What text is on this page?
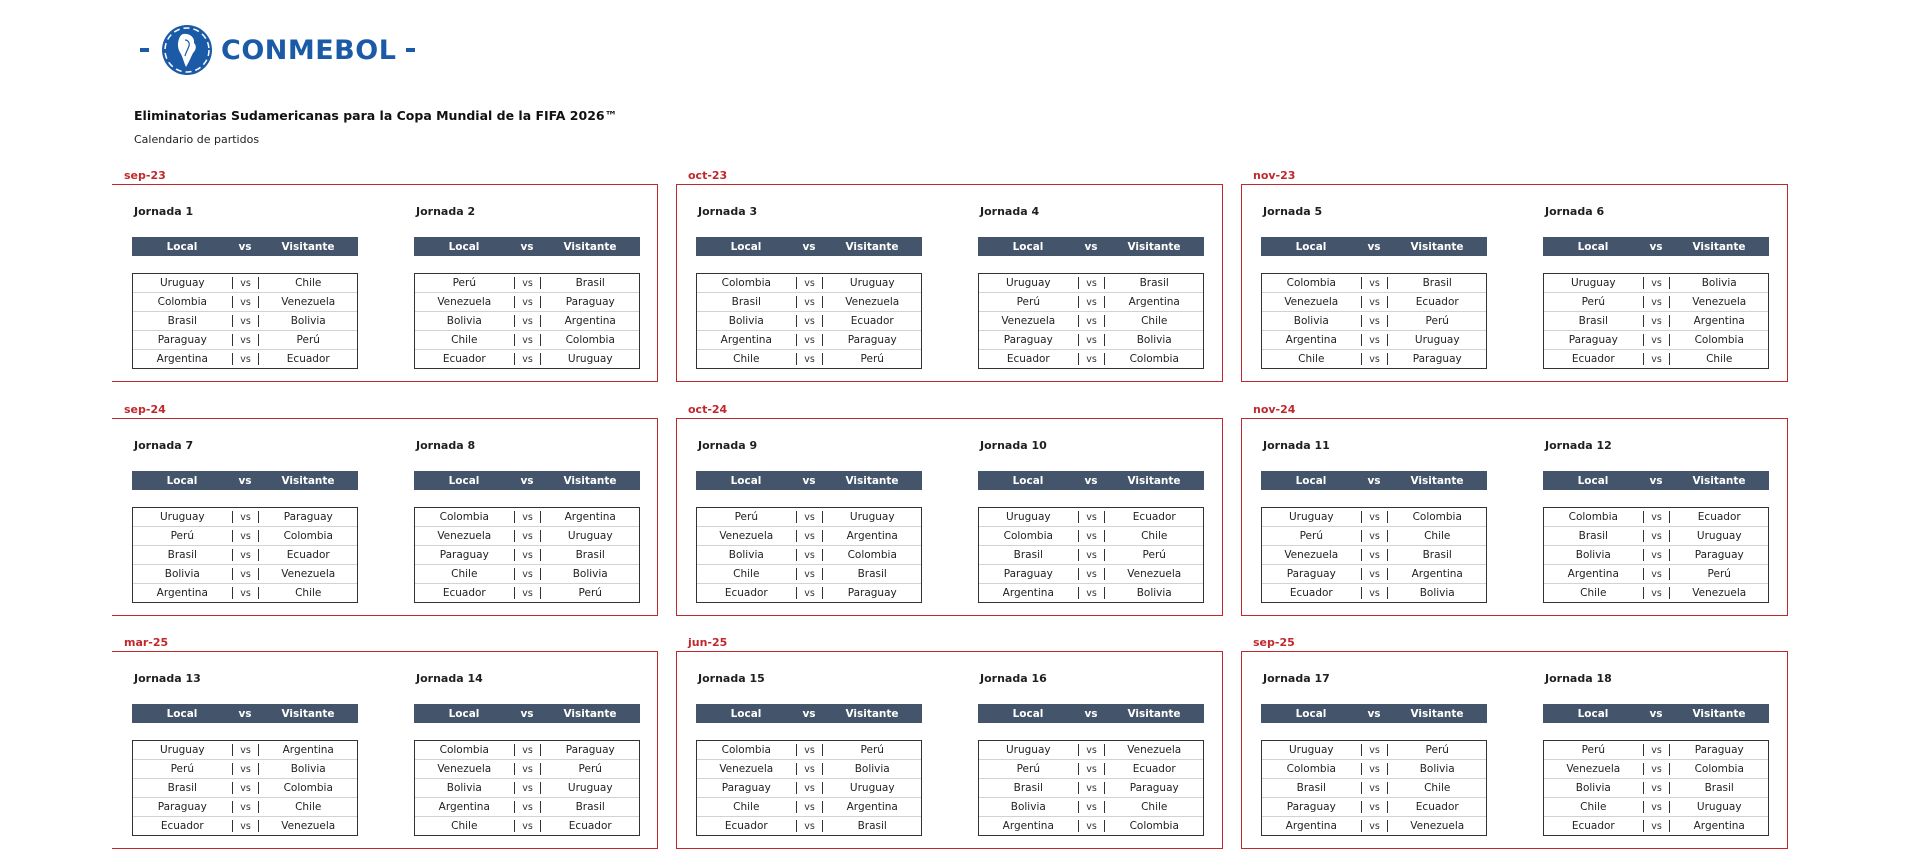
CONMEBOL
Eliminatorias Sudamericanas para la Copa Mundial de la FIFA 2026™
Calendario de partidos
sep-23
Jornada 1
Local	vs	Visitante
Uruguay	vs	Chile
Colombia	vs	Venezuela
Brasil	vs	Bolivia
Paraguay	vs	Perú
Argentina	vs	Ecuador
Jornada 2
Local	vs	Visitante
Perú	vs	Brasil
Venezuela	vs	Paraguay
Bolivia	vs	Argentina
Chile	vs	Colombia
Ecuador	vs	Uruguay
oct-23
Jornada 3
Local	vs	Visitante
Colombia	vs	Uruguay
Brasil	vs	Venezuela
Bolivia	vs	Ecuador
Argentina	vs	Paraguay
Chile	vs	Perú
Jornada 4
Local	vs	Visitante
Uruguay	vs	Brasil
Perú	vs	Argentina
Venezuela	vs	Chile
Paraguay	vs	Bolivia
Ecuador	vs	Colombia
nov-23
Jornada 5
Local	vs	Visitante
Colombia	vs	Brasil
Venezuela	vs	Ecuador
Bolivia	vs	Perú
Argentina	vs	Uruguay
Chile	vs	Paraguay
Jornada 6
Local	vs	Visitante
Uruguay	vs	Bolivia
Perú	vs	Venezuela
Brasil	vs	Argentina
Paraguay	vs	Colombia
Ecuador	vs	Chile
sep-24
Jornada 7
Local	vs	Visitante
Uruguay	vs	Paraguay
Perú	vs	Colombia
Brasil	vs	Ecuador
Bolivia	vs	Venezuela
Argentina	vs	Chile
Jornada 8
Local	vs	Visitante
Colombia	vs	Argentina
Venezuela	vs	Uruguay
Paraguay	vs	Brasil
Chile	vs	Bolivia
Ecuador	vs	Perú
oct-24
Jornada 9
Local	vs	Visitante
Perú	vs	Uruguay
Venezuela	vs	Argentina
Bolivia	vs	Colombia
Chile	vs	Brasil
Ecuador	vs	Paraguay
Jornada 10
Local	vs	Visitante
Uruguay	vs	Ecuador
Colombia	vs	Chile
Brasil	vs	Perú
Paraguay	vs	Venezuela
Argentina	vs	Bolivia
nov-24
Jornada 11
Local	vs	Visitante
Uruguay	vs	Colombia
Perú	vs	Chile
Venezuela	vs	Brasil
Paraguay	vs	Argentina
Ecuador	vs	Bolivia
Jornada 12
Local	vs	Visitante
Colombia	vs	Ecuador
Brasil	vs	Uruguay
Bolivia	vs	Paraguay
Argentina	vs	Perú
Chile	vs	Venezuela
mar-25
Jornada 13
Local	vs	Visitante
Uruguay	vs	Argentina
Perú	vs	Bolivia
Brasil	vs	Colombia
Paraguay	vs	Chile
Ecuador	vs	Venezuela
Jornada 14
Local	vs	Visitante
Colombia	vs	Paraguay
Venezuela	vs	Perú
Bolivia	vs	Uruguay
Argentina	vs	Brasil
Chile	vs	Ecuador
jun-25
Jornada 15
Local	vs	Visitante
Colombia	vs	Perú
Venezuela	vs	Bolivia
Paraguay	vs	Uruguay
Chile	vs	Argentina
Ecuador	vs	Brasil
Jornada 16
Local	vs	Visitante
Uruguay	vs	Venezuela
Perú	vs	Ecuador
Brasil	vs	Paraguay
Bolivia	vs	Chile
Argentina	vs	Colombia
sep-25
Jornada 17
Local	vs	Visitante
Uruguay	vs	Perú
Colombia	vs	Bolivia
Brasil	vs	Chile
Paraguay	vs	Ecuador
Argentina	vs	Venezuela
Jornada 18
Local	vs	Visitante
Perú	vs	Paraguay
Venezuela	vs	Colombia
Bolivia	vs	Brasil
Chile	vs	Uruguay
Ecuador	vs	Argentina
